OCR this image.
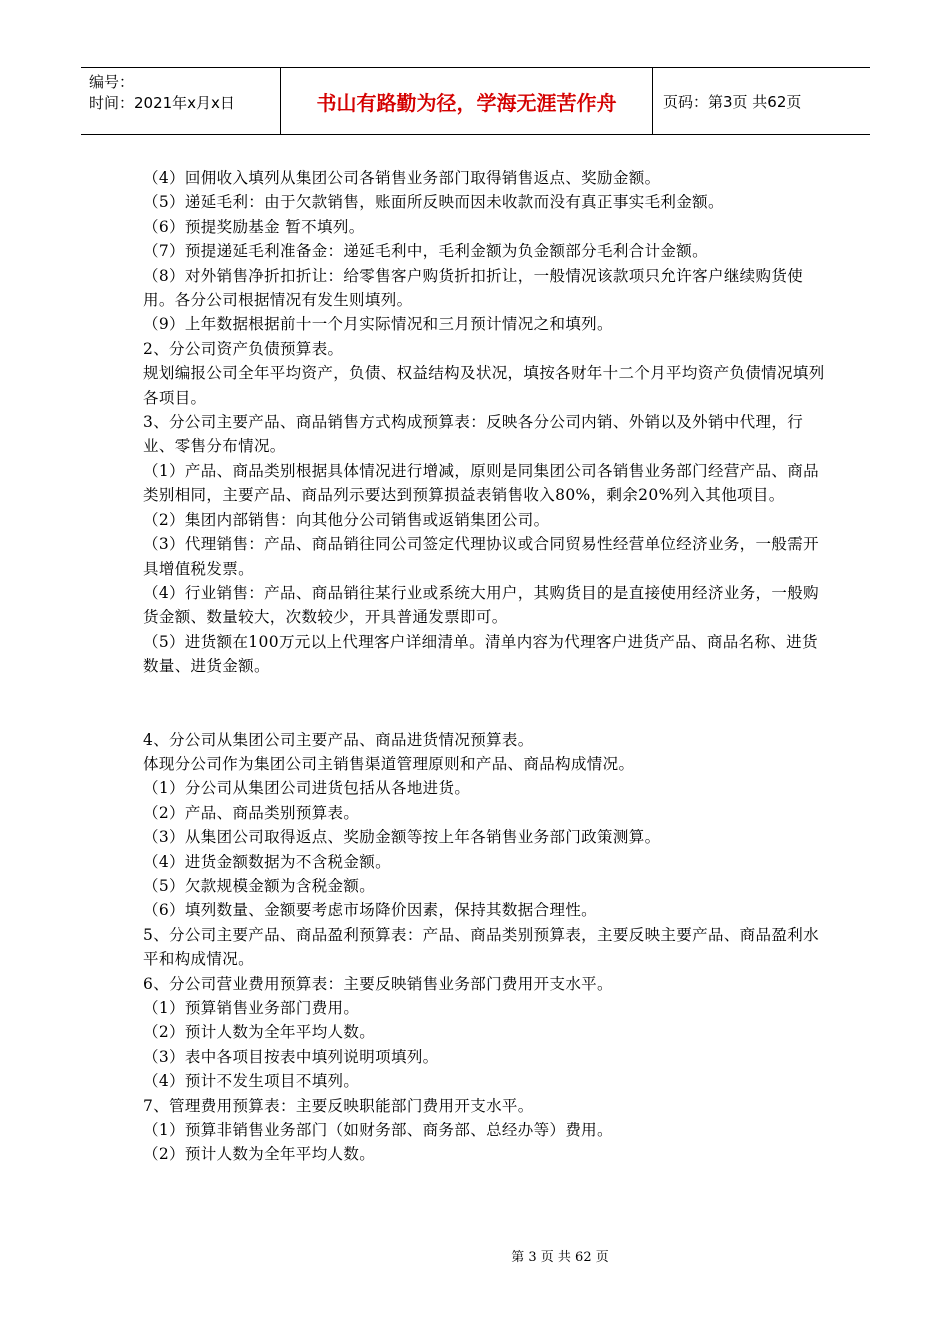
编号：
时间：2021年x月x日	书山有路勤为径，学海无涯苦作舟	页码：第3页 共62页

（4）回佣收入填列从集团公司各销售业务部门取得销售返点、奖励金额。

（5）递延毛利：由于欠款销售，账面所反映而因未收款而没有真正事实毛利金额。

（6）预提奖励基金 暂不填列。

（7）预提递延毛利准备金：递延毛利中，毛利金额为负金额部分毛利合计金额。

（8）对外销售净折扣折让：给零售客户购货折扣折让，一般情况该款项只允许客户继续购货使用。各分公司根据情况有发生则填列。

（9）上年数据根据前十一个月实际情况和三月预计情况之和填列。

2、分公司资产负债预算表。

规划编报公司全年平均资产，负债、权益结构及状况，填按各财年十二个月平均资产负债情况填列各项目。

3、分公司主要产品、商品销售方式构成预算表：反映各分公司内销、外销以及外销中代理，行业、零售分布情况。

（1）产品、商品类别根据具体情况进行增减，原则是同集团公司各销售业务部门经营产品、商品类别相同，主要产品、商品列示要达到预算损益表销售收入80%，剩余20%列入其他项目。

（2）集团内部销售：向其他分公司销售或返销集团公司。

（3）代理销售：产品、商品销往同公司签定代理协议或合同贸易性经营单位经济业务，一般需开具增值税发票。

（4）行业销售：产品、商品销往某行业或系统大用户，其购货目的是直接使用经济业务，一般购货金额、数量较大，次数较少，开具普通发票即可。

（5）进货额在100万元以上代理客户详细清单。清单内容为代理客户进货产品、商品名称、进货数量、进货金额。

4、分公司从集团公司主要产品、商品进货情况预算表。

体现分公司作为集团公司主销售渠道管理原则和产品、商品构成情况。

（1）分公司从集团公司进货包括从各地进货。

（2）产品、商品类别预算表。

（3）从集团公司取得返点、奖励金额等按上年各销售业务部门政策测算。

（4）进货金额数据为不含税金额。

（5）欠款规模金额为含税金额。

（6）填列数量、金额要考虑市场降价因素，保持其数据合理性。

5、分公司主要产品、商品盈利预算表：产品、商品类别预算表，主要反映主要产品、商品盈利水平和构成情况。

6、分公司营业费用预算表：主要反映销售业务部门费用开支水平。

（1）预算销售业务部门费用。

（2）预计人数为全年平均人数。

（3）表中各项目按表中填列说明项填列。

（4）预计不发生项目不填列。

7、管理费用预算表：主要反映职能部门费用开支水平。

（1）预算非销售业务部门（如财务部、商务部、总经办等）费用。

（2）预计人数为全年平均人数。

第 3 页 共 62 页
